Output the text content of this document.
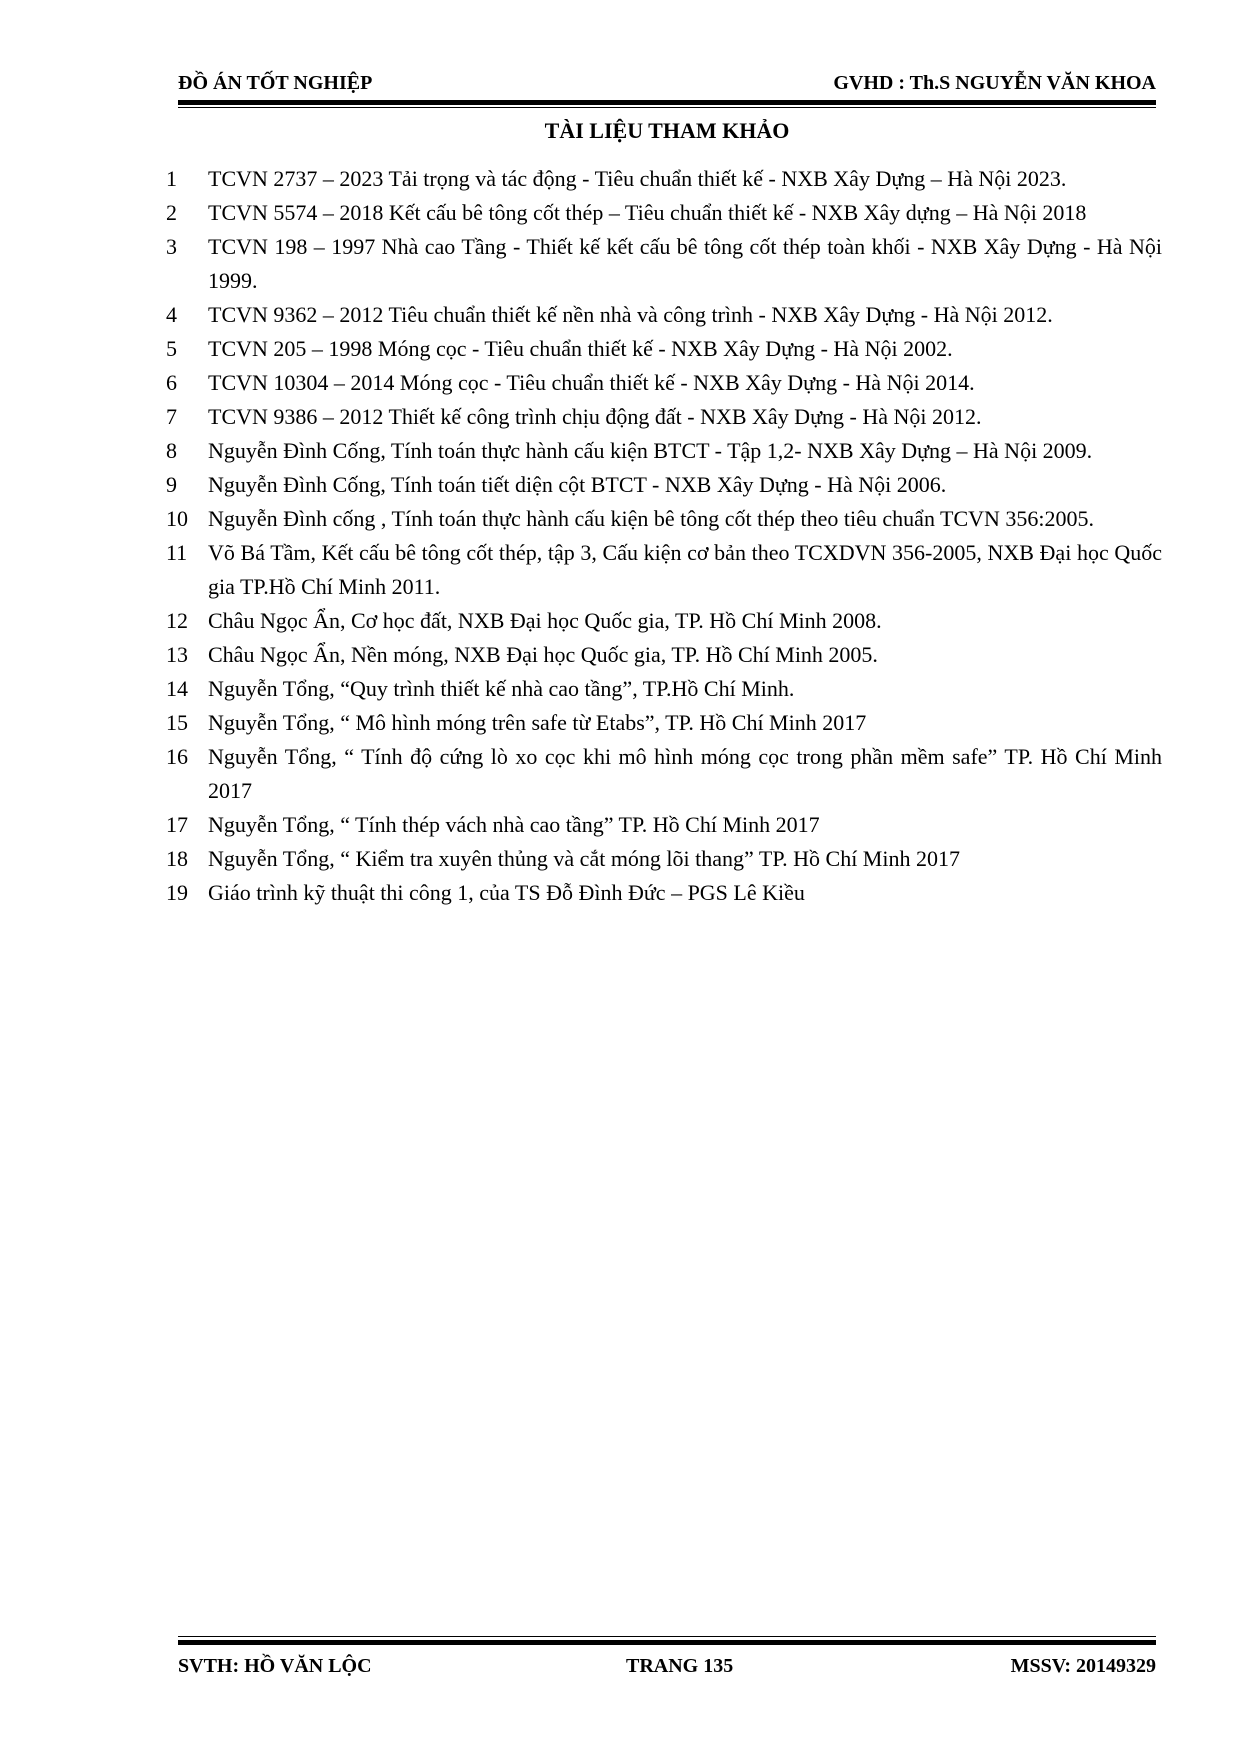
ĐỒ ÁN TỐT NGHIỆP	GVHD : Th.S NGUYỄN VĂN KHOA
TÀI LIỆU THAM KHẢO
1	TCVN 2737 – 2023 Tải trọng và tác động - Tiêu chuẩn thiết kế - NXB Xây Dựng – Hà Nội 2023.
2	TCVN 5574 – 2018 Kết cấu bê tông cốt thép – Tiêu chuẩn thiết kế - NXB Xây dựng – Hà Nội 2018
3	TCVN 198 – 1997 Nhà cao Tầng - Thiết kế kết cấu bê tông cốt thép toàn khối - NXB Xây Dựng - Hà Nội 1999.
4	TCVN 9362 – 2012 Tiêu chuẩn thiết kế nền nhà và công trình - NXB Xây Dựng - Hà Nội 2012.
5	TCVN 205 – 1998 Móng cọc - Tiêu chuẩn thiết kế - NXB Xây Dựng - Hà Nội 2002.
6	TCVN 10304 – 2014 Móng cọc - Tiêu chuẩn thiết kế - NXB Xây Dựng - Hà Nội 2014.
7	TCVN 9386 – 2012 Thiết kế công trình chịu động đất - NXB Xây Dựng - Hà Nội 2012.
8	Nguyễn Đình Cống, Tính toán thực hành cấu kiện BTCT - Tập 1,2- NXB Xây Dựng – Hà Nội 2009.
9	Nguyễn Đình Cống, Tính toán tiết diện cột BTCT - NXB Xây Dựng - Hà Nội 2006.
10 Nguyễn Đình cống , Tính toán thực hành cấu kiện bê tông cốt thép theo tiêu chuẩn TCVN 356:2005.
11 Võ Bá Tầm, Kết cấu bê tông cốt thép, tập 3, Cấu kiện cơ bản theo TCXDVN 356-2005, NXB Đại học Quốc gia TP.Hồ Chí Minh 2011.
12 Châu Ngọc Ẩn, Cơ học đất, NXB Đại học Quốc gia, TP. Hồ Chí Minh 2008.
13 Châu Ngọc Ẩn, Nền móng, NXB Đại học Quốc gia, TP. Hồ Chí Minh 2005.
14 Nguyễn Tổng, “Quy trình thiết kế nhà cao tầng”, TP.Hồ Chí Minh.
15 Nguyễn Tổng, “ Mô hình móng trên safe từ Etabs”, TP. Hồ Chí Minh 2017
16 Nguyễn Tổng, “ Tính độ cứng lò xo cọc khi mô hình móng cọc trong phần mềm safe” TP. Hồ Chí Minh 2017
17 Nguyễn Tổng, “ Tính thép vách nhà cao tầng” TP. Hồ Chí Minh 2017
18 Nguyễn Tổng, “ Kiểm tra xuyên thủng và cắt móng lõi thang” TP. Hồ Chí Minh 2017
19 Giáo trình kỹ thuật thi công 1, của TS Đỗ Đình Đức – PGS Lê Kiều
SVTH: HỒ VĂN LỘC	TRANG 135	MSSV: 20149329
